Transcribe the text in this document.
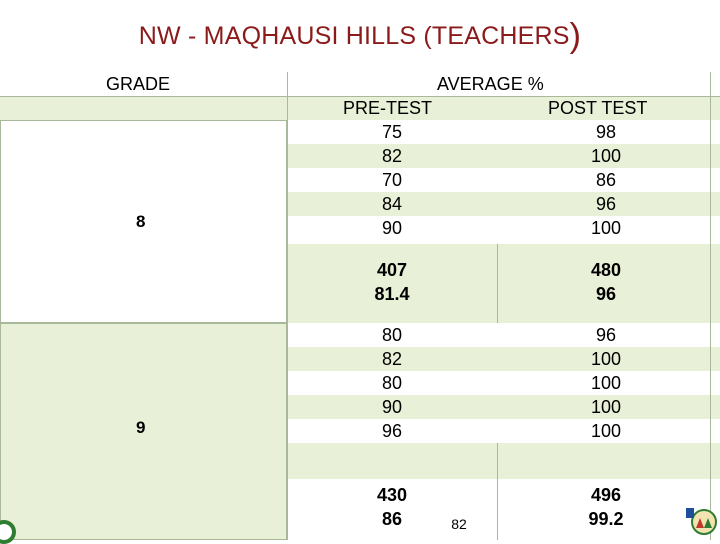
NW - MAQHAUSI HILLS (TEACHERS)
GRADE	AVERAGE %
PRE-TEST	POST TEST
8
9
75
82
70
84
90
98
100
86
96
100
407
81.4
480
96
80
82
80
90
96
96
100
100
100
100
430
86
496
99.2
82
